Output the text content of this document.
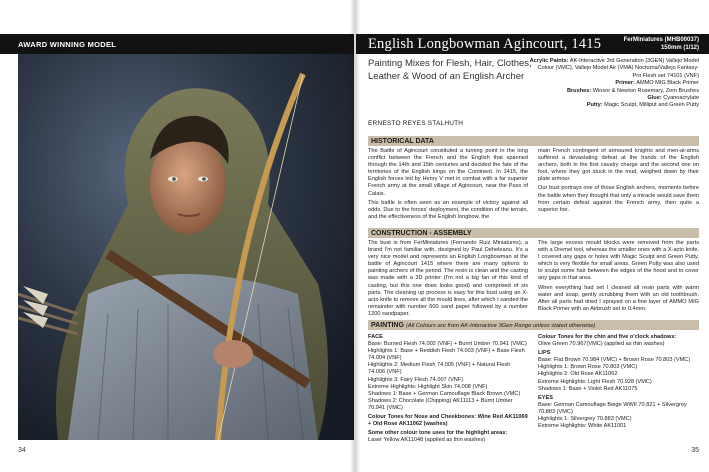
AWARD WINNING MODEL
34
English Longbowman Agincourt, 1415	FerMiniatures (MHB00037)
150mm (1/12)
Painting Mixes for Flesh, Hair, Clothes, Leather & Wood of an English Archer
Acrylic Paints: AK-Interactive 3rd Generation (3GEN) Vallejo Model Colour (VMC), Vallejo Model Air (VMA) Nocturna/Vallejo Fantasy-Pro Flesh set 74101 (VNF)
Primer: AMMO MIG Black Primer
Brushes: Winsor & Newton Rosemary, Zem Brushes
Glue: Cyanoacrylate
Putty: Magic Sculpt, Milliput and Green Putty
ERNESTO REYES STALHUTH
HISTORICAL DATA

The Battle of Agincourt constituted a turning point in the long conflict between the French and the English that spanned through the 14th and 15th centuries and decided the fate of the territories of the English kings on the Continent. In 1415, the English forces led by Henry V met in combat with a far superior French army at the small village of Agincourt, near the Pass of Calais.

This battle is often seen as an example of victory against all odds. Due to the forces' deployment, the condition of the terrain, and the effectiveness of the English longbow, the

main French contingent of armoured knights and men-at-arms suffered a devastating defeat at the hands of the English archers, both in the first cavalry charge and the second one on foot, where they got stuck in the mud, weighed down by their plate armour.

Our bust portrays one of those English archers, moments before the battle when they thought that only a miracle would save them from certain defeat against the French army, then quite a superior foe.

CONSTRUCTION - ASSEMBLY

The bust is from FerMiniatures (Fernando Ruiz Miniatures), a brand I'm not familiar with, designed by Paul Deheleanu. It's a very nice model and represents an English Longbowman at the battle of Agincourt 1415 where there are many options to painting archers of the period. The resin is clean and the casting was made with a 3D printer (I'm not a big fan of this kind of casting, but this one does looks good) and comprised of six parts. The cleaning up process is easy for this bust using an X-acto knife to remove all the mould lines, after which I sanded the remainder with number 600 sand paper followed by a number 1200 sandpaper.

The large excess mould blocks were removed from the parts with a Dremel tool, whereas the smaller ones with a X-acto knife. I covered any gaps or holes with Magic Sculpt and Green Putty, which is very flexible for small areas. Green Putty was also used to sculpt some hair between the edges of the hood and to cover any gaps in that area.

When everything had set I cleaned all resin parts with warm water and soap, gently scrubbing them with an old toothbrush. After all parts had dried I sprayed on a fine layer of AMMO MIG Black Primer with an Airbrush set to 0.4mm.

PAINTING (All Colours are from AK-Interactive 3Gen Range unless stated otherwise)
FACE
Base: Burned Flesh 74.002 (VNF) + Burnt Umber 70.941 (VMC)
Highlights 1: Base + Reddish Flesh 74.003 (VNF) + Base Flesh 74.004 (VNF)
Highlights 2: Medium Flesh 74.005 (VNF) + Natural Flesh 74.006 (VNF)
Highlights 3: Fairy Flesh 74.007 (VNF)
Extreme Highlights: Highlight Skin 74.008 (VNF)
Shadows 1: Base + German Camouflage Black Brown (VMC)
Shadows 2: Chocolate (Chipping) AK11113 + Burnt Umber 70.941 (VMC)
Colour Tones for Nose and Cheekbones: Wine Red AK11069 + Old Rose AK11062 (washes)
Some other colour tone uses for the highlight areas:
Laser Yellow AK11048 (applied as thin washes)
Colour Tones for the chin and five o'clock shadows:
Olive Green 70.967(VMC) (applied as thin washes)
LIPS
Base: Flat Brown 70.984 (VMC) + Brown Rose 70.803 (VMC)
Highlights 1: Brown Rose 70.803 (VMC)
Highlights 2: Old Rose AK11062
Extreme Highlights: Light Flesh 70.928 (VMC)
Shadows 1: Base + Violet Red AK11075
EYES
Base: German Camouflage Beige WWII 70.821 + Silvergrey 70.883 (VMC)
Highlights 1: Silvergrey 70.883 (VMC)
Extreme Highlights: White AK11001
35
